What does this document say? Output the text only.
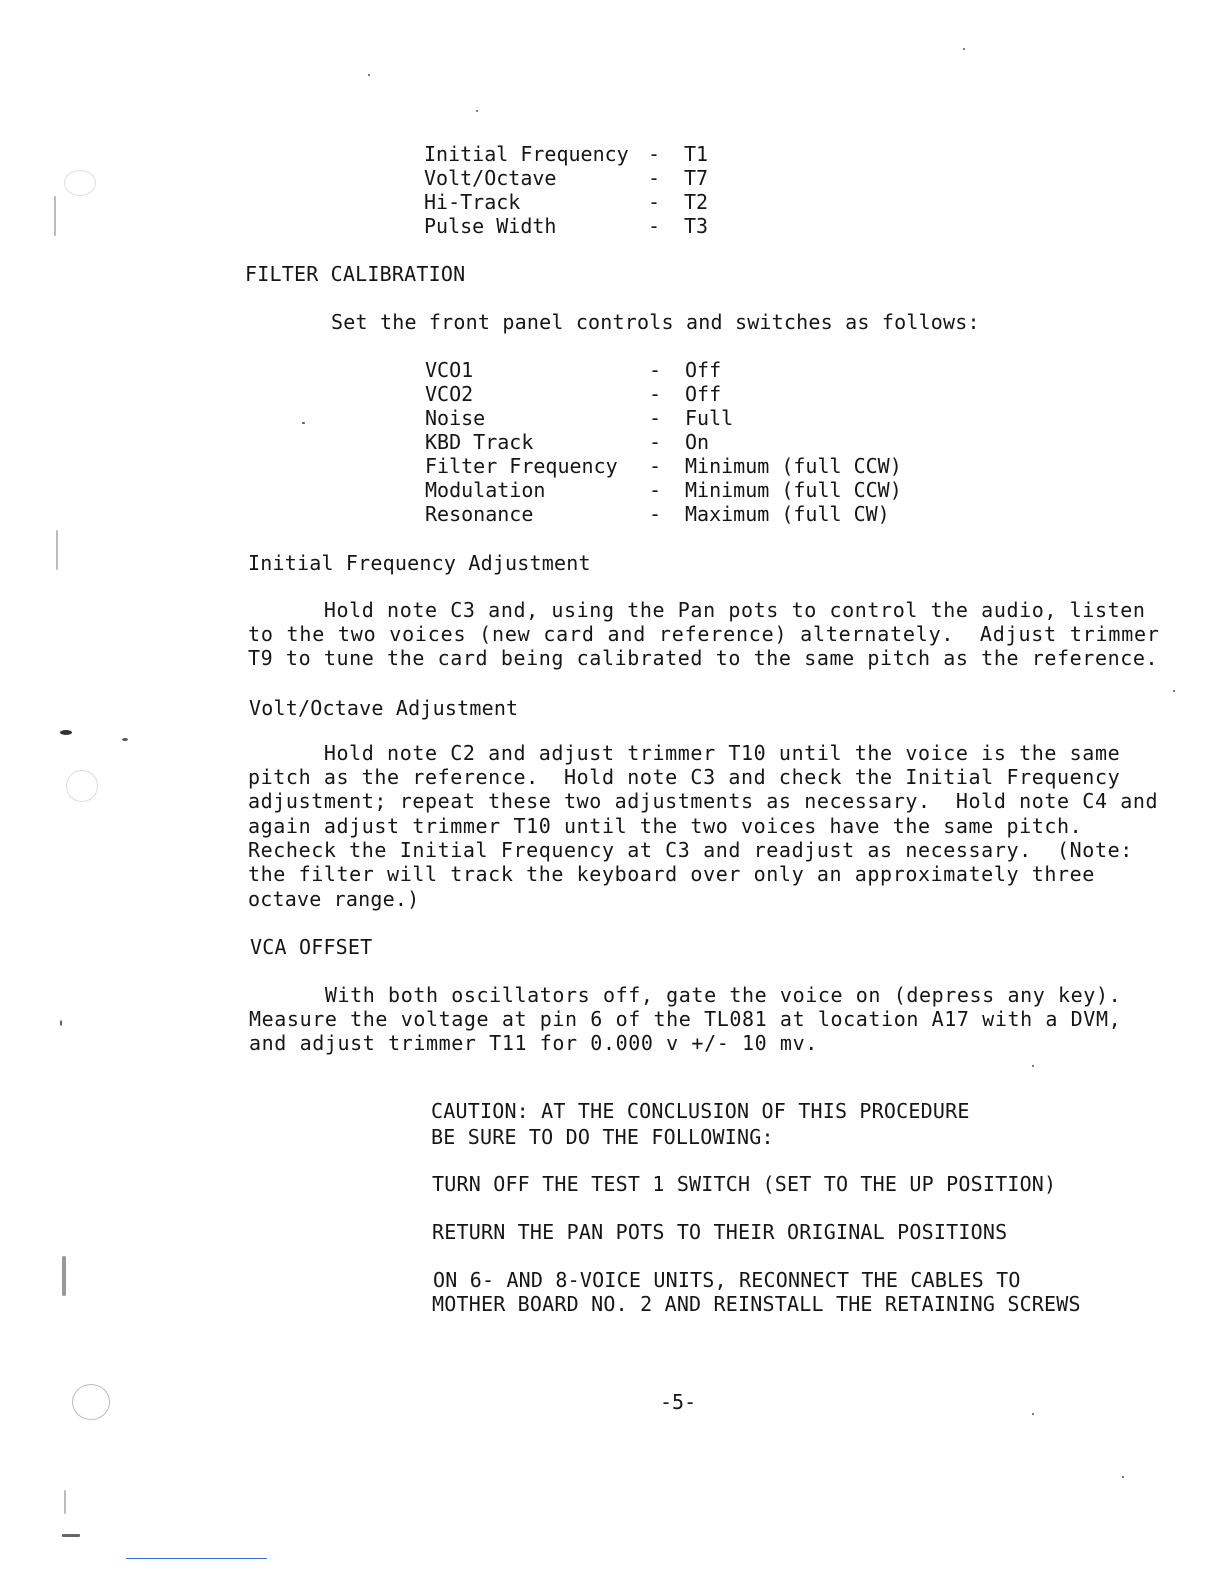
Initial Frequency - T1
Volt/Octave	- T7
Hi-Track	- T2
Pulse Width	- T3
FILTER CALIBRATION
Set the front panel controls and switches as follows:
VCO1	- Off
VCO2	- Off
Noise	- Full
KBD Track	- On
Filter Frequency - Minimum (full CCW)
Modulation	- Minimum (full CCW)
Resonance	- Maximum (full CW)
Initial Frequency Adjustment
Hold note C3 and, using the Pan pots to control the audio, listen
to the two voices (new card and reference) alternately.  Adjust trimmer
T9 to tune the card being calibrated to the same pitch as the reference.
Volt/Octave Adjustment
Hold note C2 and adjust trimmer T10 until the voice is the same
pitch as the reference.  Hold note C3 and check the Initial Frequency
adjustment; repeat these two adjustments as necessary.  Hold note C4 and
again adjust trimmer T10 until the two voices have the same pitch.
Recheck the Initial Frequency at C3 and readjust as necessary.  (Note:
the filter will track the keyboard over only an approximately three
octave range.)
VCA OFFSET
With both oscillators off, gate the voice on (depress any key).
Measure the voltage at pin 6 of the TL081 at location A17 with a DVM,
and adjust trimmer T11 for 0.000 v +/- 10 mv.
CAUTION: AT THE CONCLUSION OF THIS PROCEDURE
BE SURE TO DO THE FOLLOWING:
TURN OFF THE TEST 1 SWITCH (SET TO THE UP POSITION)
RETURN THE PAN POTS TO THEIR ORIGINAL POSITIONS
ON 6- AND 8-VOICE UNITS, RECONNECT THE CABLES TO
MOTHER BOARD NO. 2 AND REINSTALL THE RETAINING SCREWS
-5-
